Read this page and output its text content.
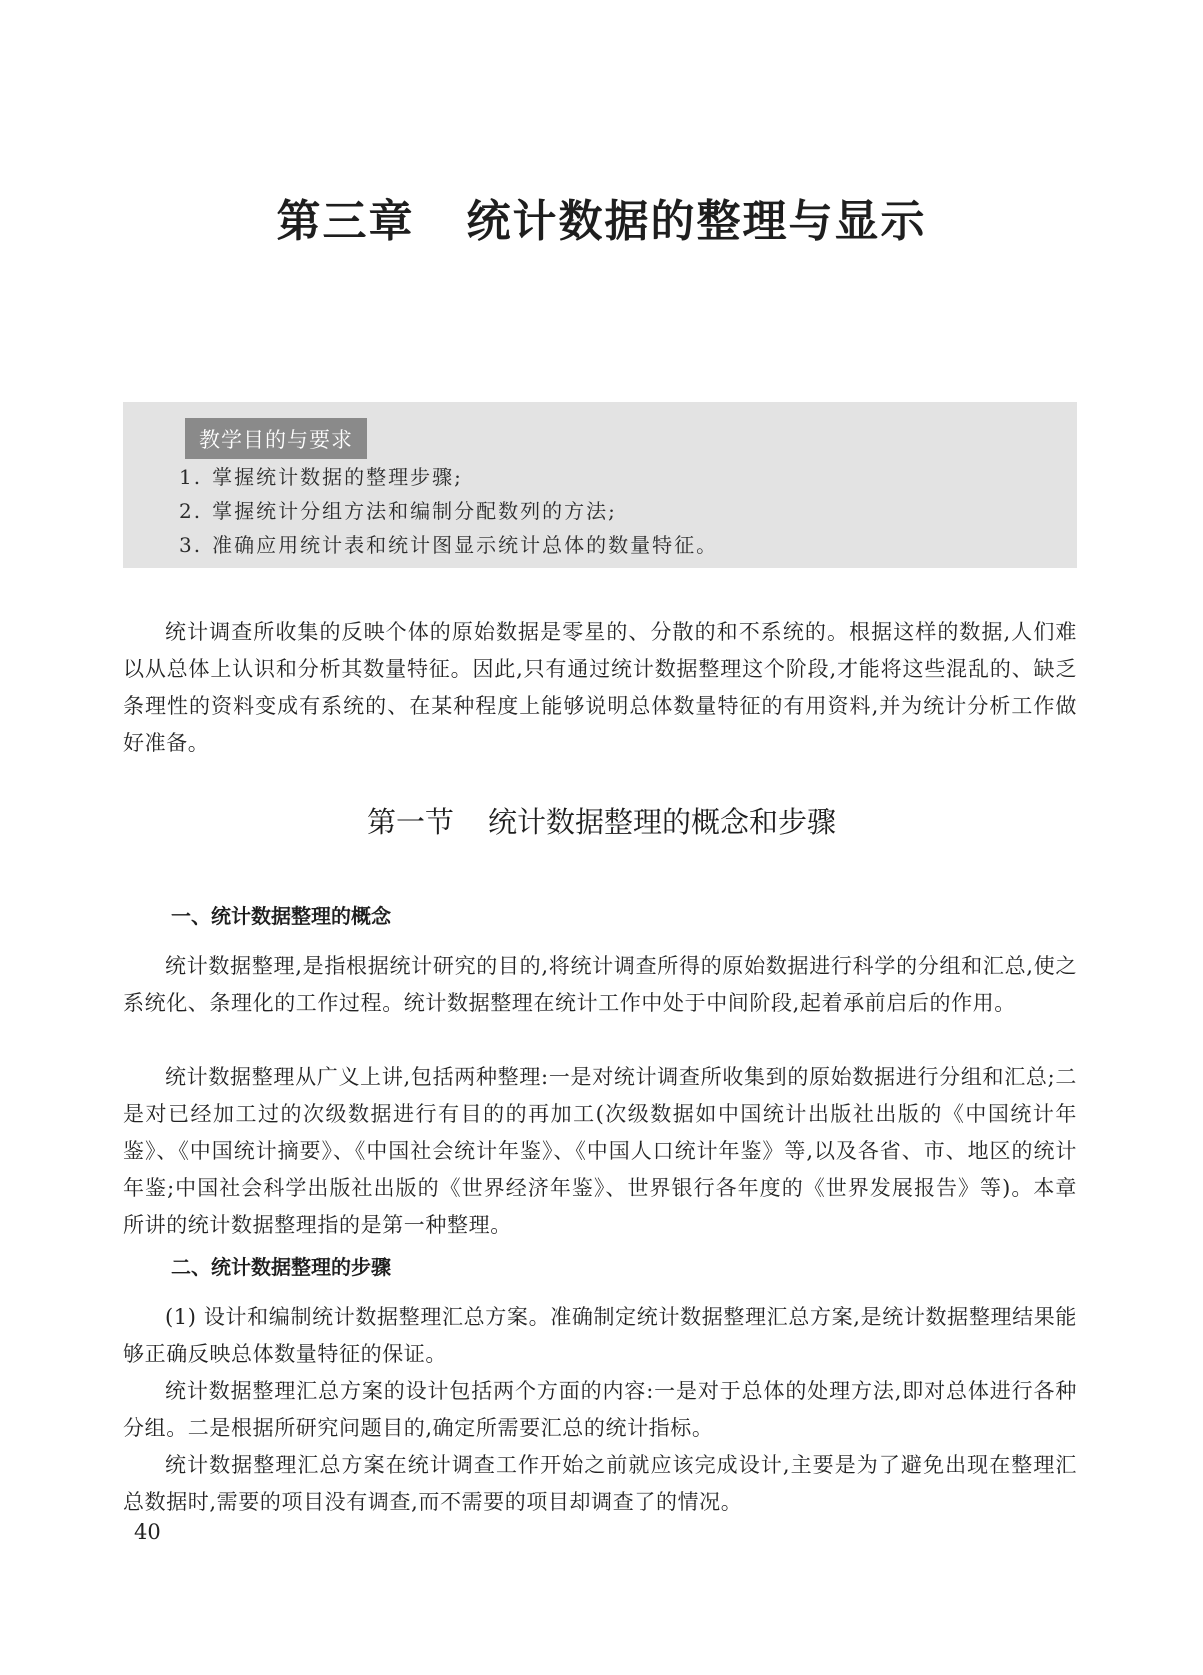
第三章 统计数据的整理与显示
教学目的与要求
1. 掌握统计数据的整理步骤;
2. 掌握统计分组方法和编制分配数列的方法;
3. 准确应用统计表和统计图显示统计总体的数量特征。

统计调查所收集的反映个体的原始数据是零星的、分散的和不系统的。根据这样的数据,人们难以从总体上认识和分析其数量特征。因此,只有通过统计数据整理这个阶段,才能将这些混乱的、缺乏条理性的资料变成有系统的、在某种程度上能够说明总体数量特征的有用资料,并为统计分析工作做好准备。

第一节 统计数据整理的概念和步骤
一、统计数据整理的概念

统计数据整理,是指根据统计研究的目的,将统计调查所得的原始数据进行科学的分组和汇总,使之系统化、条理化的工作过程。统计数据整理在统计工作中处于中间阶段,起着承前启后的作用。

统计数据整理从广义上讲,包括两种整理:一是对统计调查所收集到的原始数据进行分组和汇总;二是对已经加工过的次级数据进行有目的的再加工(次级数据如中国统计出版社出版的《中国统计年鉴》、《中国统计摘要》、《中国社会统计年鉴》、《中国人口统计年鉴》等,以及各省、市、地区的统计年鉴;中国社会科学出版社出版的《世界经济年鉴》、世界银行各年度的《世界发展报告》等)。本章所讲的统计数据整理指的是第一种整理。

二、统计数据整理的步骤

(1) 设计和编制统计数据整理汇总方案。准确制定统计数据整理汇总方案,是统计数据整理结果能够正确反映总体数量特征的保证。

统计数据整理汇总方案的设计包括两个方面的内容:一是对于总体的处理方法,即对总体进行各种分组。二是根据所研究问题目的,确定所需要汇总的统计指标。

统计数据整理汇总方案在统计调查工作开始之前就应该完成设计,主要是为了避免出现在整理汇总数据时,需要的项目没有调查,而不需要的项目却调查了的情况。

40
